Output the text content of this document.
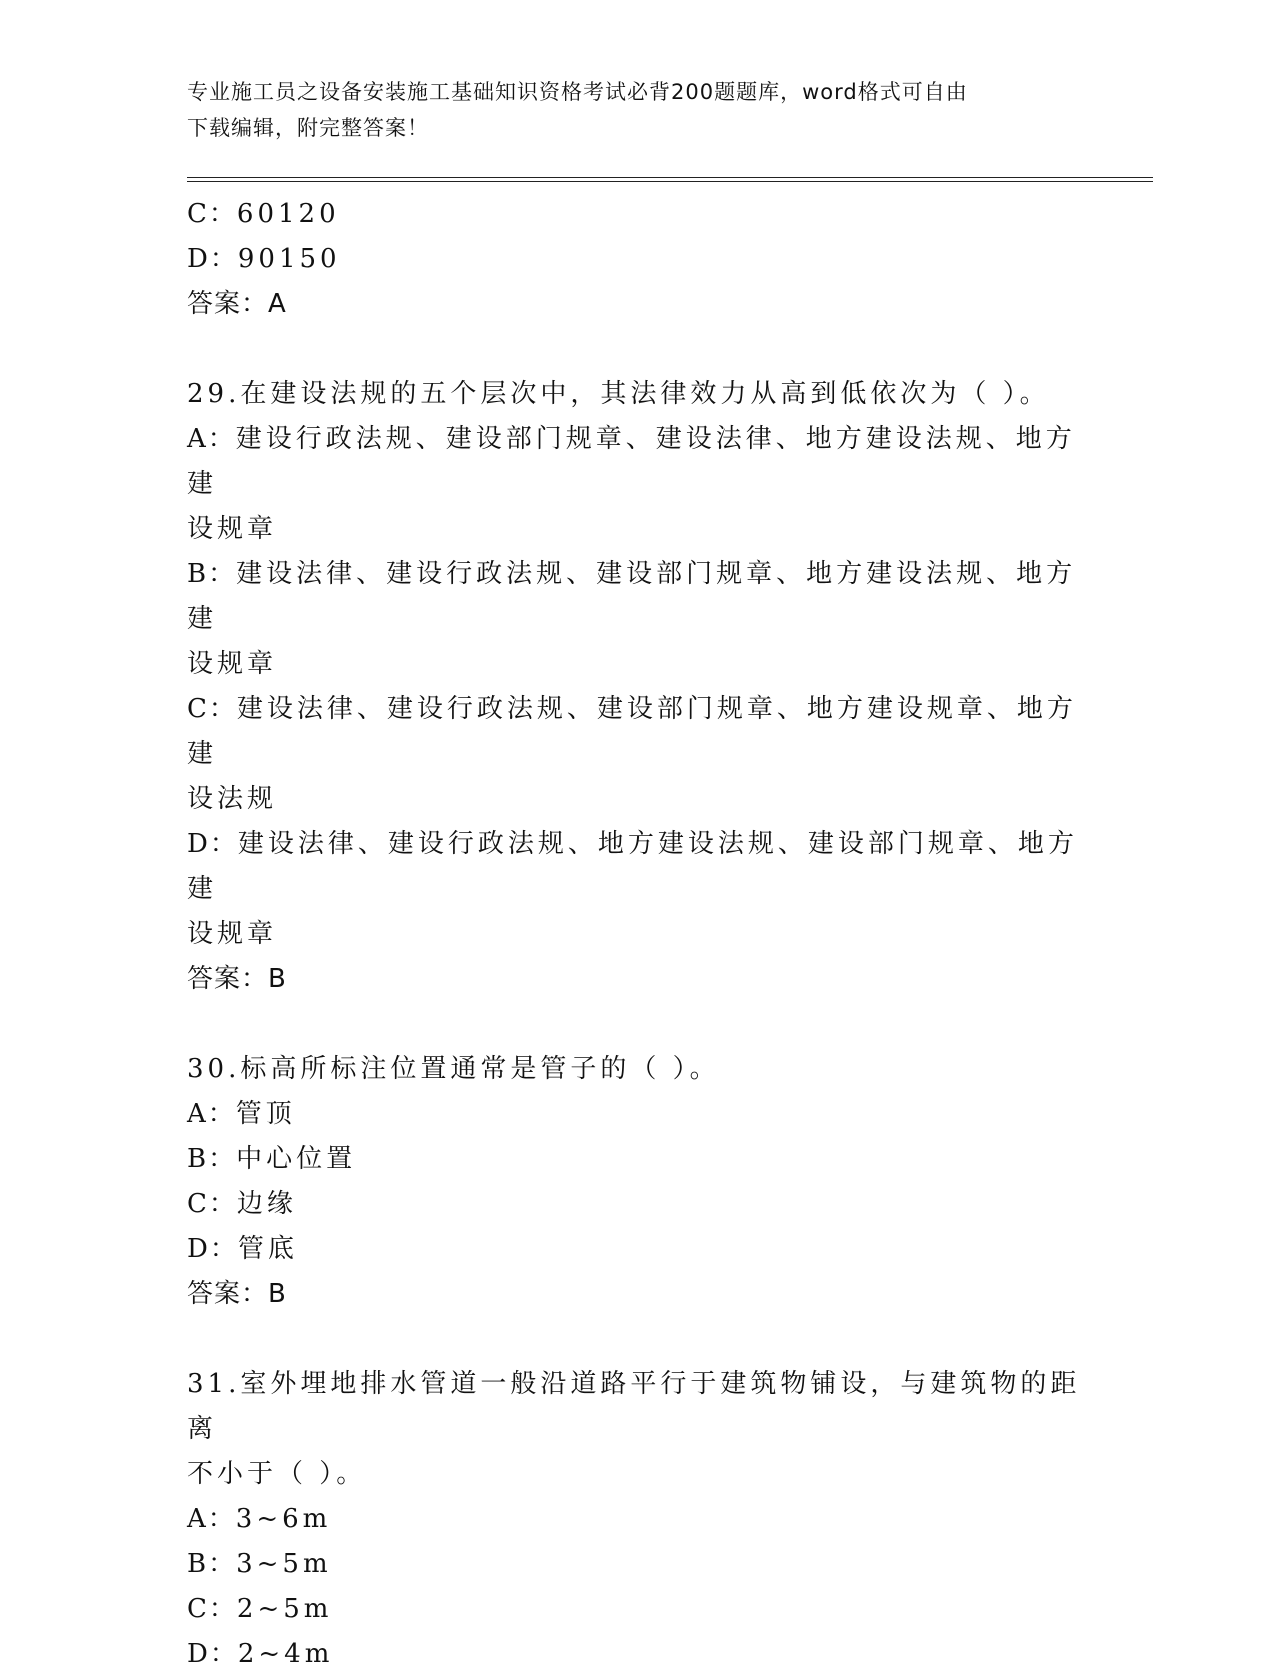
专业施工员之设备安装施工基础知识资格考试必背200题题库，word格式可自由
下载编辑，附完整答案！
C：60120
D：90150
答案：A
29.在建设法规的五个层次中，其法律效力从高到低依次为（ ）。
A：建设行政法规、建设部门规章、建设法律、地方建设法规、地方建
设规章
B：建设法律、建设行政法规、建设部门规章、地方建设法规、地方建
设规章
C：建设法律、建设行政法规、建设部门规章、地方建设规章、地方建
设法规
D：建设法律、建设行政法规、地方建设法规、建设部门规章、地方建
设规章
答案：B
30.标高所标注位置通常是管子的（ ）。
A：管顶
B：中心位置
C：边缘
D：管底
答案：B
31.室外埋地排水管道一般沿道路平行于建筑物铺设，与建筑物的距离
不小于（ ）。
A：3~6m
B：3~5m
C：2~5m
D：2~4m
